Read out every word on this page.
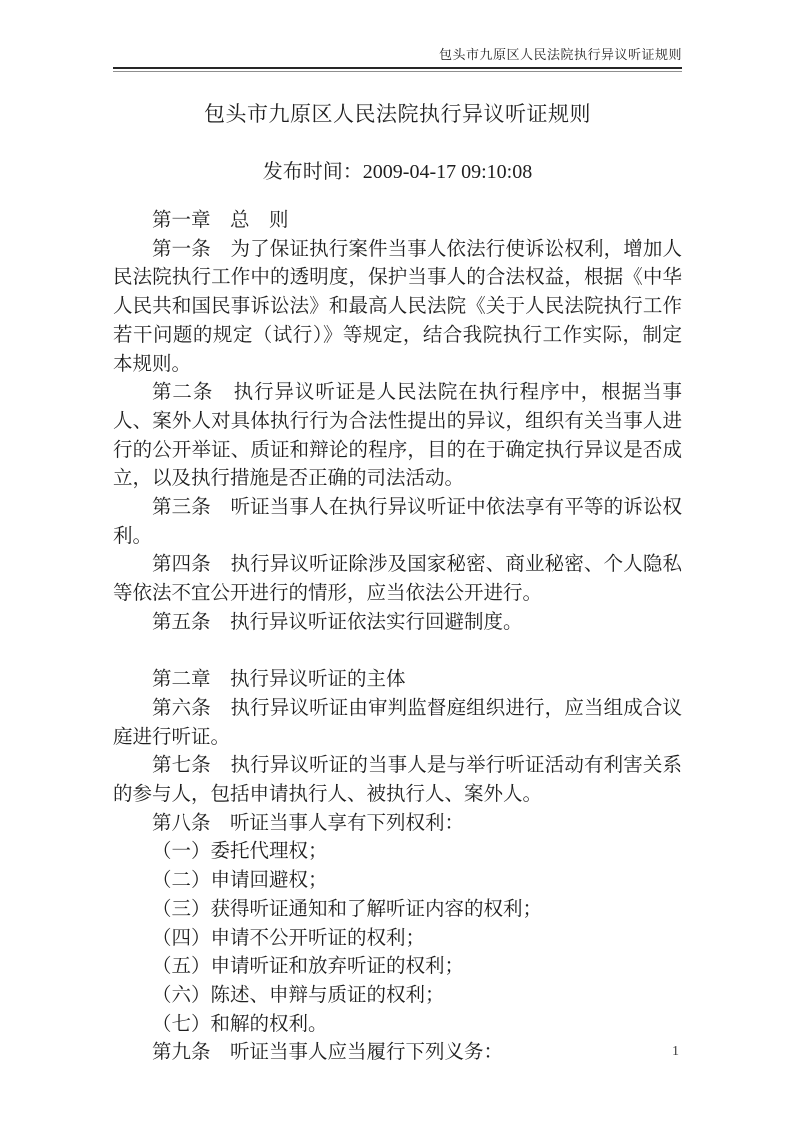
包头市九原区人民法院执行异议听证规则
包头市九原区人民法院执行异议听证规则
发布时间：2009-04-17 09:10:08

第一章　总　则

第一条　为了保证执行案件当事人依法行使诉讼权利，增加人民法院执行工作中的透明度，保护当事人的合法权益，根据《中华人民共和国民事诉讼法》和最高人民法院《关于人民法院执行工作若干问题的规定（试行）》等规定，结合我院执行工作实际，制定本规则。

第二条　执行异议听证是人民法院在执行程序中，根据当事人、案外人对具体执行行为合法性提出的异议，组织有关当事人进行的公开举证、质证和辩论的程序，目的在于确定执行异议是否成立，以及执行措施是否正确的司法活动。

第三条　听证当事人在执行异议听证中依法享有平等的诉讼权利。

第四条　执行异议听证除涉及国家秘密、商业秘密、个人隐私等依法不宜公开进行的情形，应当依法公开进行。

第五条　执行异议听证依法实行回避制度。

第二章　执行异议听证的主体

第六条　执行异议听证由审判监督庭组织进行，应当组成合议庭进行听证。

第七条　执行异议听证的当事人是与举行听证活动有利害关系的参与人，包括申请执行人、被执行人、案外人。

第八条　听证当事人享有下列权利：

（一）委托代理权；

（二）申请回避权；

（三）获得听证通知和了解听证内容的权利；

（四）申请不公开听证的权利；

（五）申请听证和放弃听证的权利；

（六）陈述、申辩与质证的权利；

（七）和解的权利。

第九条　听证当事人应当履行下列义务：	1
